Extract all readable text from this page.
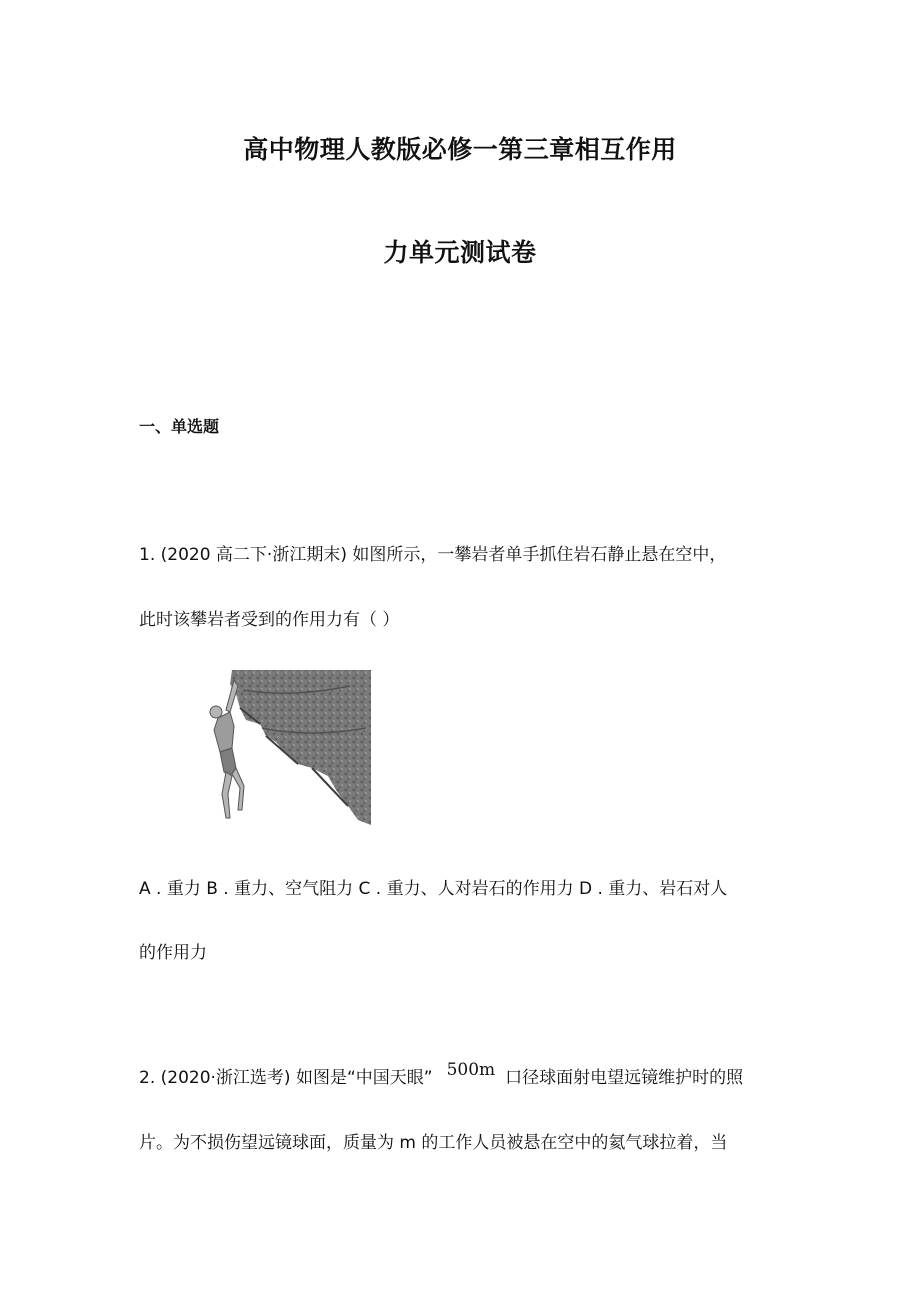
高中物理人教版必修一第三章相互作用
力单元测试卷
一、单选题

1. (2020 高二下·浙江期末) 如图所示，一攀岩者单手抓住岩石静止悬在空中，

此时该攀岩者受到的作用力有（ ）

A . 重力 B . 重力、空气阻力 C . 重力、人对岩石的作用力 D . 重力、岩石对人

的作用力

2. (2020·浙江选考) 如图是“中国天眼” 500m 口径球面射电望远镜维护时的照

片。为不损伤望远镜球面，质量为 m 的工作人员被悬在空中的氦气球拉着，当
